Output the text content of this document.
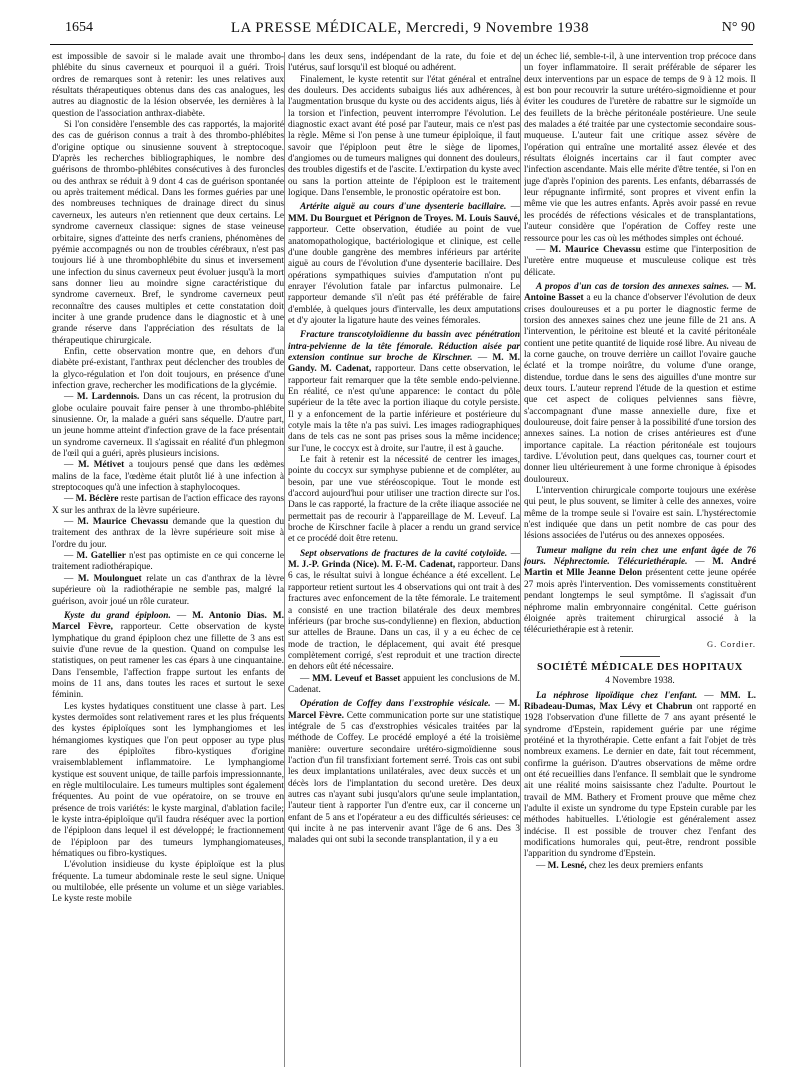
1654	LA PRESSE MÉDICALE, Mercredi, 9 Novembre 1938	N° 90

est impossible de savoir si le malade avait une thrombo-phlébite du sinus caverneux et pourquoi il a guéri. Trois ordres de remarques sont à retenir: les unes relatives aux résultats thérapeutiques obtenus dans des cas analogues, les autres au diagnostic de la lésion observée, les dernières à la question de l'association anthrax-diabète.

Si l'on considère l'ensemble des cas rapportés, la majorité des cas de guérison connus a trait à des thrombo-phlébites d'origine optique ou sinusienne souvent à streptocoque. D'après les recherches bibliographiques, le nombre des guérisons de thrombo-phlébites consécutives à des furoncles ou des anthrax se réduit à 9 dont 4 cas de guérison spontanée ou après traitement médical. Dans les formes guéries par une des nombreuses techniques de drainage direct du sinus caverneux, les auteurs n'en retiennent que deux certains. Le syndrome caverneux classique: signes de stase veineuse orbitaire, signes d'atteinte des nerfs craniens, phénomènes de pyémie accompagnés ou non de troubles cérébraux, n'est pas toujours lié à une thrombophlébite du sinus et inversement une infection du sinus caverneux peut évoluer jusqu'à la mort sans donner lieu au moindre signe caractéristique du syndrome caverneux. Bref, le syndrome caverneux peut reconnaître des causes multiples et cette constatation doit inciter à une grande prudence dans le diagnostic et à une grande réserve dans l'appréciation des résultats de la thérapeutique chirurgicale.

Enfin, cette observation montre que, en dehors d'un diabète pré-existant, l'anthrax peut déclencher des troubles de la glyco-régulation et l'on doit toujours, en présence d'une infection grave, rechercher les modifications de la glycémie.

— M. Lardennois. Dans un cas récent, la protrusion du globe oculaire pouvait faire penser à une thrombo-phlébite sinusienne. Or, la malade a guéri sans séquelle. D'autre part, un jeune homme atteint d'infection grave de la face présentait un syndrome caverneux. Il s'agissait en réalité d'un phlegmon de l'œil qui a guéri, après plusieurs incisions.

— M. Métivet a toujours pensé que dans les œdèmes malins de la face, l'œdème était plutôt lié à une infection à streptocoques qu'à une infection à staphylocoques.

— M. Béclère reste partisan de l'action efficace des rayons X sur les anthrax de la lèvre supérieure.

— M. Maurice Chevassu demande que la question du traitement des anthrax de la lèvre supérieure soit mise à l'ordre du jour.

— M. Gatellier n'est pas optimiste en ce qui concerne le traitement radiothérapique.

— M. Moulonguet relate un cas d'anthrax de la lèvre supérieure où la radiothérapie ne semble pas, malgré la guérison, avoir joué un rôle curateur.

Kyste du grand épiploon. — M. Antonio Dias. M. Marcel Fèvre, rapporteur. Cette observation de kyste lymphatique du grand épiploon chez une fillette de 3 ans est suivie d'une revue de la question. Quand on compulse les statistiques, on peut ramener les cas épars à une cinquantaine. Dans l'ensemble, l'affection frappe surtout les enfants de moins de 11 ans, dans toutes les races et surtout le sexe féminin.

Les kystes hydatiques constituent une classe à part. Les kystes dermoïdes sont relativement rares et les plus fréquents des kystes épiploïques sont les lymphangiomes et les hémangiomes kystiques que l'on peut opposer au type plus rare des épiploïtes fibro-kystiques d'origine vraisemblablement inflammatoire. Le lymphangiome kystique est souvent unique, de taille parfois impressionnante, en règle multiloculaire. Les tumeurs multiples sont également fréquentes. Au point de vue opératoire, on se trouve en présence de trois variétés: le kyste marginal, d'ablation facile; le kyste intra-épiploïque qu'il faudra réséquer avec la portion de l'épiploon dans lequel il est développé; le fractionnement de l'épiploon par des tumeurs lymphangiomateuses, hématiques ou fibro-kystiques.

L'évolution insidieuse du kyste épiploïque est la plus fréquente. La tumeur abdominale reste le seul signe. Unique ou multilobée, elle présente un volume et un siège variables. Le kyste reste mobile

dans les deux sens, indépendant de la rate, du foie et de l'utérus, sauf lorsqu'il est bloqué ou adhérent.

Finalement, le kyste retentit sur l'état général et entraîne des douleurs. Des accidents subaigus liés aux adhérences, à l'augmentation brusque du kyste ou des accidents aigus, liés à la torsion et l'infection, peuvent interrompre l'évolution. Le diagnostic exact avant été posé par l'auteur, mais ce n'est pas la règle. Même si l'on pense à une tumeur épiploïque, il faut savoir que l'épiploon peut être le siège de lipomes, d'angiomes ou de tumeurs malignes qui donnent des douleurs, des troubles digestifs et de l'ascite. L'extirpation du kyste avec ou sans la portion atteinte de l'épiploon est le traitement logique. Dans l'ensemble, le pronostic opératoire est bon.

Artérite aiguë au cours d'une dysenterie bacillaire. — MM. Du Bourguet et Pérignon de Troyes. M. Louis Sauvé, rapporteur. Cette observation, étudiée au point de vue anatomopathologique, bactériologique et clinique, est celle d'une double gangrène des membres inférieurs par artérite aiguë au cours de l'évolution d'une dysenterie bacillaire. Des opérations sympathiques suivies d'amputation n'ont pu enrayer l'évolution fatale par infarctus pulmonaire. Le rapporteur demande s'il n'eût pas été préférable de faire d'emblée, à quelques jours d'intervalle, les deux amputations et d'y ajouter la ligature haute des veines fémorales.

Fracture transcotyloïdienne du bassin avec pénétration intra-pelvienne de la tête fémorale. Réduction aisée par extension continue sur broche de Kirschner. — M. M. Gandy. M. Cadenat, rapporteur. Dans cette observation, le rapporteur fait remarquer que la tête semble endo-pelvienne. En réalité, ce n'est qu'une apparence: le contact du pôle supérieur de la tête avec la portion iliaque du cotyle persiste. Il y a enfoncement de la partie inférieure et postérieure du cotyle mais la tête n'a pas suivi. Les images radiographiques dans de tels cas ne sont pas prises sous la même incidence; sur l'une, le coccyx est à droite, sur l'autre, il est à gauche.

Le fait à retenir est la nécessité de centrer les images, pointe du coccyx sur symphyse pubienne et de compléter, au besoin, par une vue stéréoscopique. Tout le monde est d'accord aujourd'hui pour utiliser une traction directe sur l'os. Dans le cas rapporté, la fracture de la crête iliaque associée ne permettait pas de recourir à l'appareillage de M. Leveuf. La broche de Kirschner facile à placer a rendu un grand service et ce procédé doit être retenu.

Sept observations de fractures de la cavité cotyloïde. — M. J.-P. Grinda (Nice). M. F.-M. Cadenat, rapporteur. Dans 6 cas, le résultat suivi à longue échéance a été excellent. Le rapporteur retient surtout les 4 observations qui ont trait à des fractures avec enfoncement de la tête fémorale. Le traitement a consisté en une traction bilatérale des deux membres inférieurs (par broche sus-condylienne) en flexion, abduction sur attelles de Braune. Dans un cas, il y a eu échec de ce mode de traction, le déplacement, qui avait été presque complètement corrigé, s'est reproduit et une traction directe en dehors eût été nécessaire.

— MM. Leveuf et Basset appuient les conclusions de M. Cadenat.

Opération de Coffey dans l'exstrophie vésicale. — M. Marcel Fèvre. Cette communication porte sur une statistique intégrale de 5 cas d'exstrophies vésicales traitées par la méthode de Coffey. Le procédé employé a été la troisième manière: ouverture secondaire urétéro-sigmoïdienne sous l'action d'un fil transfixiant fortement serré. Trois cas ont subi les deux implantations unilatérales, avec deux succès et un décès lors de l'implantation du second uretère. Des deux autres cas n'ayant subi jusqu'alors qu'une seule implantation, l'auteur tient à rapporter l'un d'entre eux, car il concerne un enfant de 5 ans et l'opérateur a eu des difficultés sérieuses: ce qui incite à ne pas intervenir avant l'âge de 6 ans. Des 3 malades qui ont subi la seconde transplantation, il y a eu

un échec lié, semble-t-il, à une intervention trop précoce dans un foyer inflammatoire. Il serait préférable de séparer les deux interventions par un espace de temps de 9 à 12 mois. Il est bon pour recouvrir la suture urétéro-sigmoïdienne et pour éviter les coudures de l'uretère de rabattre sur le sigmoïde un des feuillets de la brèche péritonéale postérieure. Une seule des malades a été traitée par une cystectomie secondaire sous-muqueuse. L'auteur fait une critique assez sévère de l'opération qui entraîne une mortalité assez élevée et des résultats éloignés incertains car il faut compter avec l'infection ascendante. Mais elle mérite d'être tentée, si l'on en juge d'après l'opinion des parents. Les enfants, débarrassés de leur répugnante infirmité, sont propres et vivent enfin la même vie que les autres enfants. Après avoir passé en revue les procédés de réfections vésicales et de transplantations, l'auteur considère que l'opération de Coffey reste une ressource pour les cas où les méthodes simples ont échoué.

— M. Maurice Chevassu estime que l'interposition de l'uretère entre muqueuse et musculeuse colique est très délicate.

A propos d'un cas de torsion des annexes saines. — M. Antoine Basset a eu la chance d'observer l'évolution de deux crises douloureuses et a pu porter le diagnostic ferme de torsion des annexes saines chez une jeune fille de 21 ans. A l'intervention, le péritoine est bleuté et la cavité péritonéale contient une petite quantité de liquide rosé libre. Au niveau de la corne gauche, on trouve derrière un caillot l'ovaire gauche éclaté et la trompe noirâtre, du volume d'une orange, distendue, tordue dans le sens des aiguilles d'une montre sur deux tours. L'auteur reprend l'étude de la question et estime que cet aspect de coliques pelviennes sans fièvre, s'accompagnant d'une masse annexielle dure, fixe et douloureuse, doit faire penser à la possibilité d'une torsion des annexes saines. La notion de crises antérieures est d'une importance capitale. La réaction péritonéale est toujours tardive. L'évolution peut, dans quelques cas, tourner court et donner lieu ultérieurement à une forme chronique à épisodes douloureux.

L'intervention chirurgicale comporte toujours une exérèse qui peut, le plus souvent, se limiter à celle des annexes, voire même de la trompe seule si l'ovaire est sain. L'hystérectomie n'est indiquée que dans un petit nombre de cas pour des lésions associées de l'utérus ou des annexes opposées.

Tumeur maligne du rein chez une enfant âgée de 76 jours. Néphrectomie. Télécuriethérapie. — M. André Martin et Mlle Jeanne Delon présentent cette jeune opérée 27 mois après l'intervention. Des vomissements constituèrent pendant longtemps le seul symptôme. Il s'agissait d'un néphrome malin embryonnaire congénital. Cette guérison éloignée après traitement chirurgical associé à la télécuriethérapie est à retenir.

G. Cordier.
SOCIÉTÉ MÉDICALE DES HOPITAUX
4 Novembre 1938.

La néphrose lipoïdique chez l'enfant. — MM. L. Ribadeau-Dumas, Max Lévy et Chabrun ont rapporté en 1928 l'observation d'une fillette de 7 ans ayant présenté le syndrome d'Epstein, rapidement guérie par une régime protéiné et la thyrothérapie. Cette enfant a fait l'objet de très nombreux examens. Le dernier en date, fait tout récemment, confirme la guérison. D'autres observations de même ordre ont été recueillies dans l'enfance. Il semblait que le syndrome ait une réalité moins saisissante chez l'adulte. Pourtout le travail de MM. Bathery et Froment prouve que même chez l'adulte il existe un syndrome du type Epstein curable par les méthodes habituelles. L'étiologie est généralement assez indécise. Il est possible de trouver chez l'enfant des modifications humorales qui, peut-être, rendront possible l'apparition du syndrome d'Epstein.

— M. Lesné, chez les deux premiers enfants
